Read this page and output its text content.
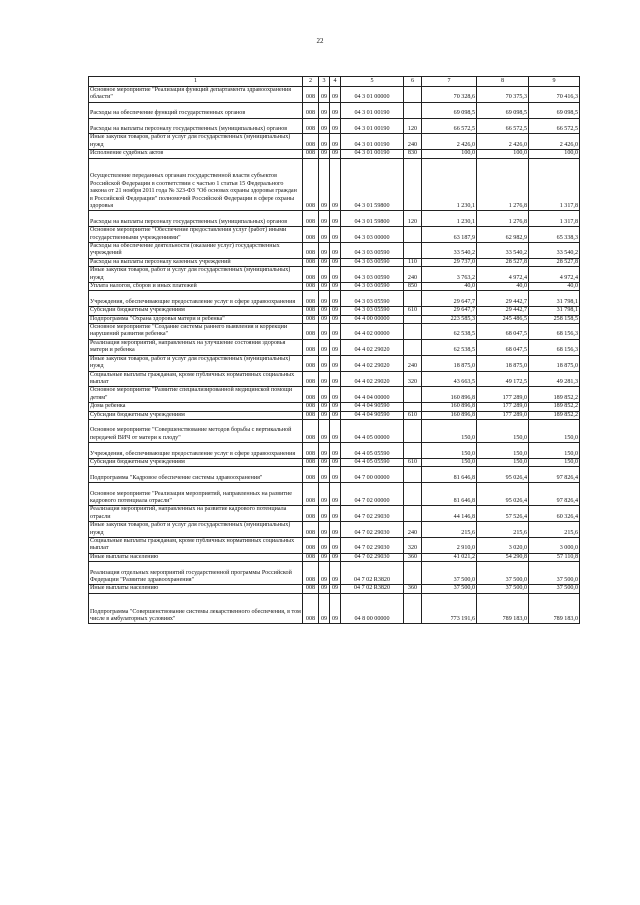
22
1	2	3	4	5	6	7	8	9
Основное мероприятие "Реализация функций департамента здравоохранения области"	008	09	09	04 3 01 00000		70 328,6	70 375,3	70 416,3
Расходы на обеспечение функций государственных органов	008	09	09	04 3 01 00190		69 098,5	69 098,5	69 098,5
Расходы на выплаты персоналу государственных (муниципальных) органов	008	09	09	04 3 01 00190	120	66 572,5	66 572,5	66 572,5
Иные закупки товаров, работ и услуг для государственных (муниципальных) нужд	008	09	09	04 3 01 00190	240	2 426,0	2 426,0	2 426,0
Исполнение судебных актов	008	09	09	04 3 01 00190	830	100,0	100,0	100,0
Осуществление переданных органам государственной власти субъектов Российской Федерации в соответствии с частью 1 статьи 15 Федерального закона от 21 ноября 2011 года № 323-ФЗ "Об основах охраны здоровья граждан в Российской Федерации" полномочий Российской Федерации в сфере охраны здоровья	008	09	09	04 3 01 59800		1 230,1	1 276,8	1 317,8
Расходы на выплаты персоналу государственных (муниципальных) органов	008	09	09	04 3 01 59800	120	1 230,1	1 276,8	1 317,8
Основное мероприятие "Обеспечение предоставления услуг (работ) иными государственными учреждениями"	008	09	09	04 3 03 00000		63 187,9	62 982,9	65 338,3
Расходы на обеспечение деятельности (оказание услуг) государственных учреждений	008	09	09	04 3 03 00590		33 540,2	33 540,2	33 540,2
Расходы на выплаты персоналу казенных учреждений	008	09	09	04 3 03 00590	110	29 737,0	28 527,8	28 527,8
Иные закупки товаров, работ и услуг для государственных (муниципальных) нужд	008	09	09	04 3 03 00590	240	3 763,2	4 972,4	4 972,4
Уплата налогов, сборов и иных платежей	008	09	09	04 3 03 00590	850	40,0	40,0	40,0
Учреждения, обеспечивающие предоставление услуг в сфере здравоохранения	008	09	09	04 3 03 05590		29 647,7	29 442,7	31 798,1
Субсидии бюджетным учреждениям	008	09	09	04 3 03 05590	610	29 647,7	29 442,7	31 798,1
Подпрограмма "Охрана здоровья матери и ребенка"	008	09	09	04 4 00 00000		223 585,3	245 486,5	258 158,5
Основное мероприятие "Создание системы раннего выявления и коррекции нарушений развития ребенка"	008	09	09	04 4 02 00000		62 538,5	68 047,5	68 156,3
Реализация мероприятий, направленных на улучшение состояния здоровья матери и ребенка	008	09	09	04 4 02 29020		62 538,5	68 047,5	68 156,3
Иные закупки товаров, работ и услуг для государственных (муниципальных) нужд	008	09	09	04 4 02 29020	240	18 875,0	18 875,0	18 875,0
Социальные выплаты гражданам, кроме публичных нормативных социальных выплат	008	09	09	04 4 02 29020	320	43 663,5	49 172,5	49 281,3
Основное мероприятие "Развитие специализированной медицинской помощи детям"	008	09	09	04 4 04 00000		160 896,8	177 289,0	189 852,2
Дома ребенка	008	09	09	04 4 04 90590		160 896,8	177 289,0	189 852,2
Субсидии бюджетным учреждениям	008	09	09	04 4 04 90590	610	160 896,8	177 289,0	189 852,2
Основное мероприятие "Совершенствование методов борьбы с вертикальной передачей ВИЧ от матери к плоду"	008	09	09	04 4 05 00000		150,0	150,0	150,0
Учреждения, обеспечивающие предоставление услуг в сфере здравоохранения	008	09	09	04 4 05 05590		150,0	150,0	150,0
Субсидии бюджетным учреждениям	008	09	09	04 4 05 05590	610	150,0	150,0	150,0
Подпрограмма "Кадровое обеспечение системы здравоохранения"	008	09	09	04 7 00 00000		81 646,8	95 026,4	97 826,4
Основное мероприятие "Реализация мероприятий, направленных на развитие кадрового потенциала отрасли"	008	09	09	04 7 02 00000		81 646,8	95 026,4	97 826,4
Реализация мероприятий, направленных на развитие кадрового потенциала отрасли	008	09	09	04 7 02 29030		44 146,8	57 526,4	60 326,4
Иные закупки товаров, работ и услуг для государственных (муниципальных) нужд	008	09	09	04 7 02 29030	240	215,6	215,6	215,6
Социальные выплаты гражданам, кроме публичных нормативных социальных выплат	008	09	09	04 7 02 29030	320	2 910,0	3 020,0	3 000,0
Иные выплаты населению	008	09	09	04 7 02 29030	360	41 021,2	54 290,8	57 110,8
Реализация отдельных мероприятий государственной программы Российской Федерации "Развитие здравоохранения"	008	09	09	04 7 02 R3820		37 500,0	37 500,0	37 500,0
Иные выплаты населению	008	09	09	04 7 02 R3820	360	37 500,0	37 500,0	37 500,0
Подпрограмма "Совершенствование системы лекарственного обеспечения, в том числе в амбулаторных условиях"	008	09	09	04 8 00 00000		773 191,6	789 183,0	789 183,0
